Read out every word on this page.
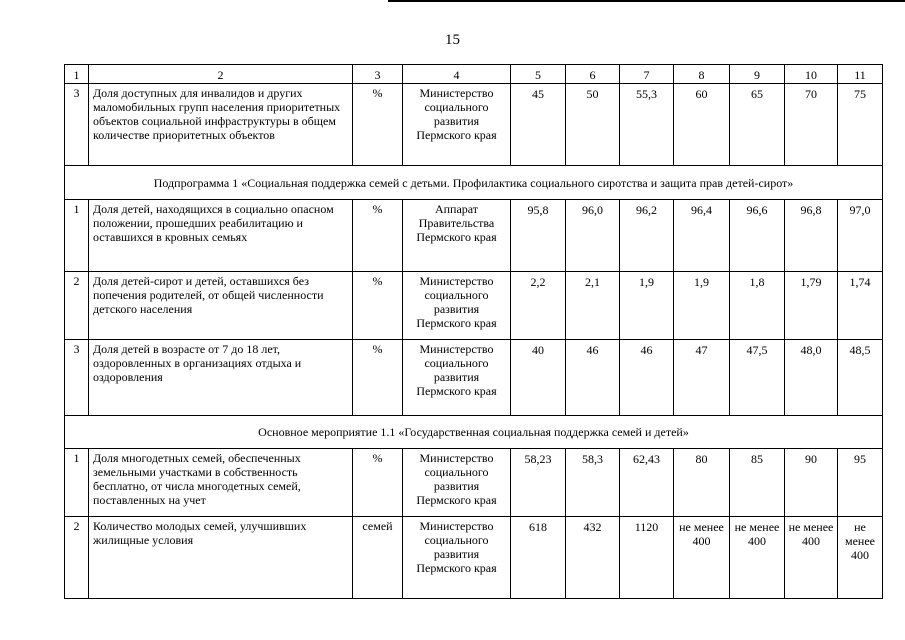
15
1	2	3	4	5	6	7	8	9	10	11
3	Доля доступных для инвалидов и других маломобильных групп населения приоритетных объектов социальной инфраструктуры в общем количестве приоритетных объектов	%	Министерство социального развития Пермского края	45	50	55,3	60	65	70	75
Подпрограмма 1 «Социальная поддержка семей с детьми. Профилактика социального сиротства и защита прав детей-сирот»										
1	Доля детей, находящихся в социально опасном положении, прошедших реабилитацию и оставшихся в кровных семьях	%	Аппарат Правительства Пермского края	95,8	96,0	96,2	96,4	96,6	96,8	97,0
2	Доля детей-сирот и детей, оставшихся без попечения родителей, от общей численности детского населения	%	Министерство социального развития Пермского края	2,2	2,1	1,9	1,9	1,8	1,79	1,74
3	Доля детей в возрасте от 7 до 18 лет, оздоровленных в организациях отдыха и оздоровления	%	Министерство социального развития Пермского края	40	46	46	47	47,5	48,0	48,5
Основное мероприятие 1.1 «Государственная социальная поддержка семей и детей»										
1	Доля многодетных семей, обеспеченных земельными участками в собственность бесплатно, от числа многодетных семей, поставленных на учет	%	Министерство социального развития Пермского края	58,23	58,3	62,43	80	85	90	95
2	Количество молодых семей, улучшивших жилищные условия	семей	Министерство социального развития Пермского края	618	432	1120	не менее 400	не менее 400	не менее 400	не менее 400
